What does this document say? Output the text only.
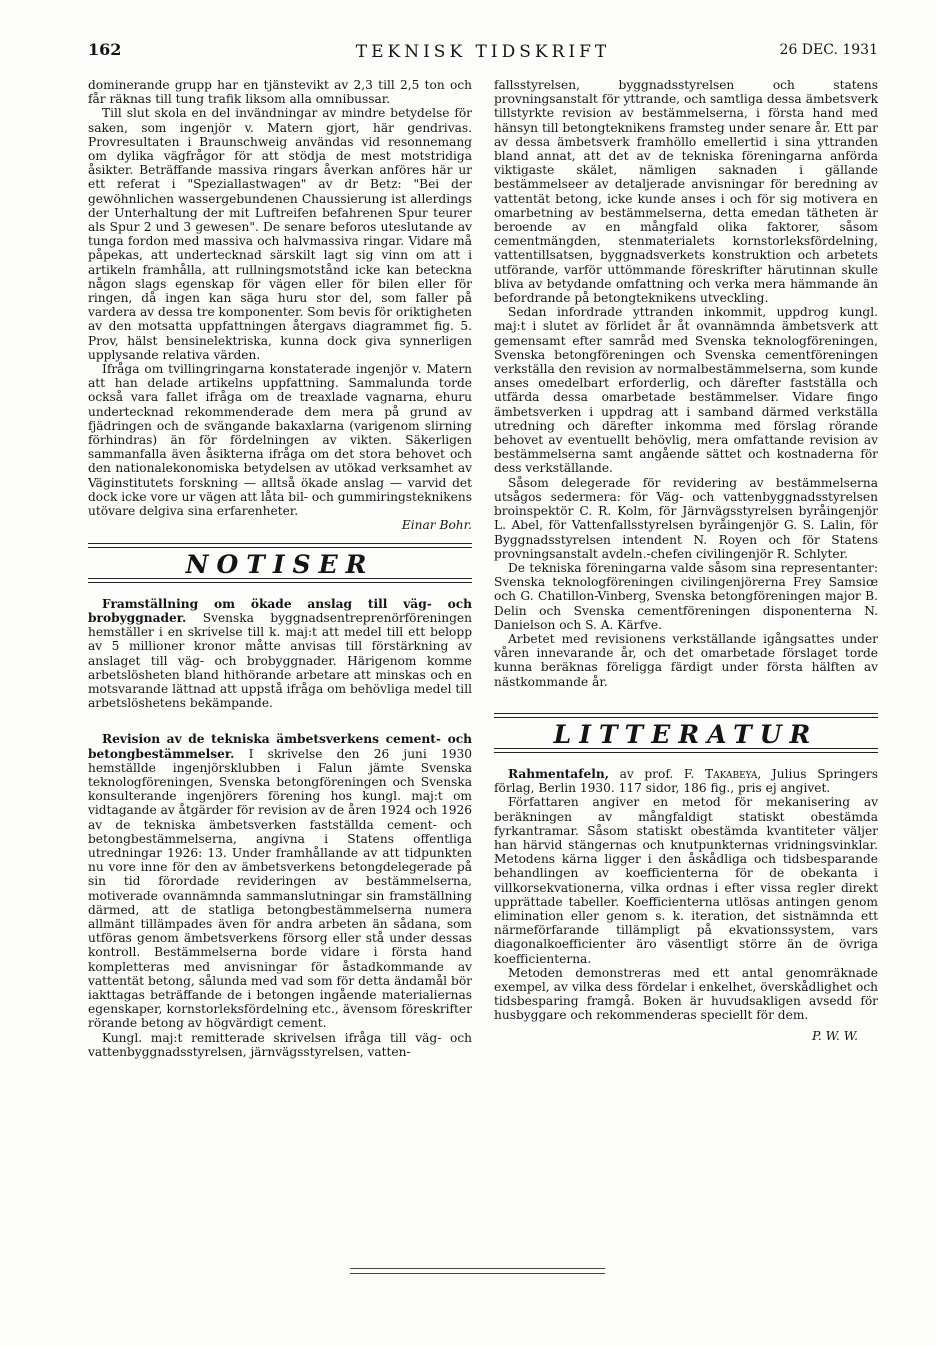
162	TEKNISK TIDSKRIFT	26 DEC. 1931

dominerande grupp har en tjänstevikt av 2,3 till 2,5 ton och får räknas till tung trafik liksom alla omnibussar.

Till slut skola en del invändningar av mindre betydelse för saken, som ingenjör v. Matern gjort, här gendrivas. Provresultaten i Braunschweig användas vid resonnemang om dylika vägfrågor för att stödja de mest motstridiga åsikter. Beträffande massiva ringars åverkan anföres här ur ett referat i "Speziallastwagen" av dr Betz: "Bei der gewöhnlichen wassergebundenen Chaussierung ist allerdings der Unterhaltung der mit Luftreifen befahrenen Spur teurer als Spur 2 und 3 gewesen". De senare beforos uteslutande av tunga fordon med massiva och halvmassiva ringar. Vidare må påpekas, att undertecknad särskilt lagt sig vinn om att i artikeln framhålla, att rullningsmotstånd icke kan beteckna någon slags egenskap för vägen eller för bilen eller för ringen, då ingen kan säga huru stor del, som faller på vardera av dessa tre komponenter. Som bevis för oriktigheten av den motsatta uppfattningen återgavs diagrammet fig. 5. Prov, hälst bensinelektriska, kunna dock giva synnerligen upplysande relativa värden.

Ifråga om tvillingringarna konstaterade ingenjör v. Matern att han delade artikelns uppfattning. Sammalunda torde också vara fallet ifråga om de treaxlade vagnarna, ehuru undertecknad rekommenderade dem mera på grund av fjädringen och de svängande bakaxlarna (varigenom slirning förhindras) än för fördelningen av vikten. Säkerligen sammanfalla även åsikterna ifråga om det stora behovet och den nationalekonomiska betydelsen av utökad verksamhet av Väginstitutets forskning — alltså ökade anslag — varvid det dock icke vore ur vägen att låta bil- och gummiringsteknikens utövare delgiva sina erfarenheter.

Einar Bohr.

NOTISER

Framställning om ökade anslag till väg- och brobyggnader. Svenska byggnadsentreprenörföreningen hemställer i en skrivelse till k. maj:t att medel till ett belopp av 5 millioner kronor måtte anvisas till förstärkning av anslaget till väg- och brobyggnader. Härigenom komme arbetslösheten bland hithörande arbetare att minskas och en motsvarande lättnad att uppstå ifråga om behövliga medel till arbetslöshetens bekämpande.

Revision av de tekniska ämbetsverkens cement- och betongbestämmelser. I skrivelse den 26 juni 1930 hemställde ingenjörsklubben i Falun jämte Svenska teknologföreningen, Svenska betongföreningen och Svenska konsulterande ingenjörers förening hos kungl. maj:t om vidtagande av åtgärder för revision av de åren 1924 och 1926 av de tekniska ämbetsverken fastställda cement- och betongbestämmelserna, angivna i Statens offentliga utredningar 1926: 13. Under framhållande av att tidpunkten nu vore inne för den av ämbetsverkens betongdelegerade på sin tid förordade revideringen av bestämmelserna, motiverade ovannämnda sammanslutningar sin framställning därmed, att de statliga betongbestämmelserna numera allmänt tillämpades även för andra arbeten än sådana, som utföras genom ämbetsverkens försorg eller stå under dessas kontroll. Bestämmelserna borde vidare i första hand kompletteras med anvisningar för åstadkommande av vattentät betong, sålunda med vad som för detta ändamål bör iakttagas beträffande de i betongen ingående materialiernas egenskaper, kornstorleksfördelning etc., ävensom föreskrifter rörande betong av högvärdigt cement.

Kungl. maj:t remitterade skrivelsen ifråga till väg- och vattenbyggnadsstyrelsen, järnvägsstyrelsen, vatten-

fallsstyrelsen, byggnadsstyrelsen och statens provningsanstalt för yttrande, och samtliga dessa ämbetsverk tillstyrkte revision av bestämmelserna, i första hand med hänsyn till betongteknikens framsteg under senare år. Ett par av dessa ämbetsverk framhöllo emellertid i sina yttranden bland annat, att det av de tekniska föreningarna anförda viktigaste skälet, nämligen saknaden i gällande bestämmelseer av detaljerade anvisningar för beredning av vattentät betong, icke kunde anses i och för sig motivera en omarbetning av bestämmelserna, detta emedan tätheten är beroende av en mångfald olika faktorer, såsom cementmängden, stenmaterialets kornstorleksfördelning, vattentillsatsen, byggnadsverkets konstruktion och arbetets utförande, varför uttömmande föreskrifter härutinnan skulle bliva av betydande omfattning och verka mera hämmande än befordrande på betongteknikens utveckling.

Sedan infordrade yttranden inkommit, uppdrog kungl. maj:t i slutet av förlidet år åt ovannämnda ämbetsverk att gemensamt efter samråd med Svenska teknologföreningen, Svenska betongföreningen och Svenska cementföreningen verkställa den revision av normalbestämmelserna, som kunde anses omedelbart erforderlig, och därefter fastställa och utfärda dessa omarbetade bestämmelser. Vidare fingo ämbetsverken i uppdrag att i samband därmed verkställa utredning och därefter inkomma med förslag rörande behovet av eventuellt behövlig, mera omfattande revision av bestämmelserna samt angående sättet och kostnaderna för dess verkställande.

Såsom delegerade för revidering av bestämmelserna utsågos sedermera: för Väg- och vattenbyggnadsstyrelsen broinspektör C. R. Kolm, för Järnvägsstyrelsen byråingenjör L. Abel, för Vattenfallsstyrelsen byråingenjör G. S. Lalin, för Byggnadsstyrelsen intendent N. Royen och för Statens provningsanstalt avdeln.-chefen civilingenjör R. Schlyter.

De tekniska föreningarna valde såsom sina representanter: Svenska teknologföreningen civilingenjörerna Frey Samsiœ och G. Chatillon-Vinberg, Svenska betongföreningen major B. Delin och Svenska cementföreningen disponenterna N. Danielson och S. A. Kärfve.

Arbetet med revisionens verkställande igångsattes under våren innevarande år, och det omarbetade förslaget torde kunna beräknas föreligga färdigt under första hälften av nästkommande år.

LITTERATUR

Rahmentafeln, av prof. F. Takabeya, Julius Springers förlag, Berlin 1930. 117 sidor, 186 fig., pris ej angivet.

Författaren angiver en metod för mekanisering av beräkningen av mångfaldigt statiskt obestämda fyrkantramar. Såsom statiskt obestämda kvantiteter väljer han härvid stängernas och knutpunkternas vridningsvinklar. Metodens kärna ligger i den åskådliga och tidsbesparande behandlingen av koefficienterna för de obekanta i villkorsekvationerna, vilka ordnas i efter vissa regler direkt upprättade tabeller. Koefficienterna utlösas antingen genom elimination eller genom s. k. iteration, det sistnämnda ett närmeförfarande tillämpligt på ekvationssystem, vars diagonalkoefficienter äro väsentligt större än de övriga koefficienterna.

Metoden demonstreras med ett antal genomräknade exempel, av vilka dess fördelar i enkelhet, överskådlighet och tidsbesparing framgå. Boken är huvudsakligen avsedd för husbyggare och rekommenderas speciellt för dem.

P. W. W.
